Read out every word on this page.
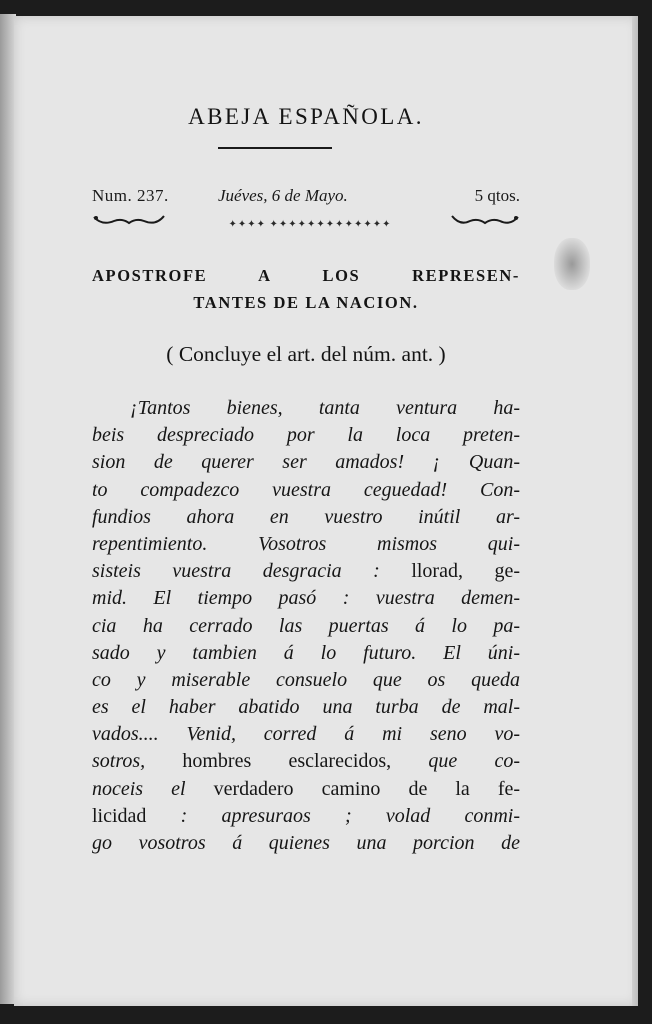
ABEJA ESPAÑOLA.
Num. 237.	Juéves, 6 de Mayo.	5 qtos.
✦✦✦✦ ✦✦✦✦✦✦✦✦✦✦✦✦✦
APOSTROFE A LOS REPRESEN-
TANTES DE LA NACION.
( Concluye el art. del núm. ant. )
¡Tantos bienes, tanta ventura ha-
beis despreciado por la loca preten-
sion de querer ser amados! ¡ Quan-
to compadezco vuestra ceguedad! Con-
fundios ahora en vuestro inútil ar-
repentimiento. Vosotros mismos qui-
sisteis vuestra desgracia : llorad, ge-
mid. El tiempo pasó : vuestra demen-
cia ha cerrado las puertas á lo pa-
sado y tambien á lo futuro. El úni-
co y miserable consuelo que os queda
es el haber abatido una turba de mal-
vados.... Venid, corred á mi seno vo-
sotros, hombres esclarecidos, que co-
noceis el verdadero camino de la fe-
licidad : apresuraos ; volad conmi-
go vosotros á quienes una porcion de
